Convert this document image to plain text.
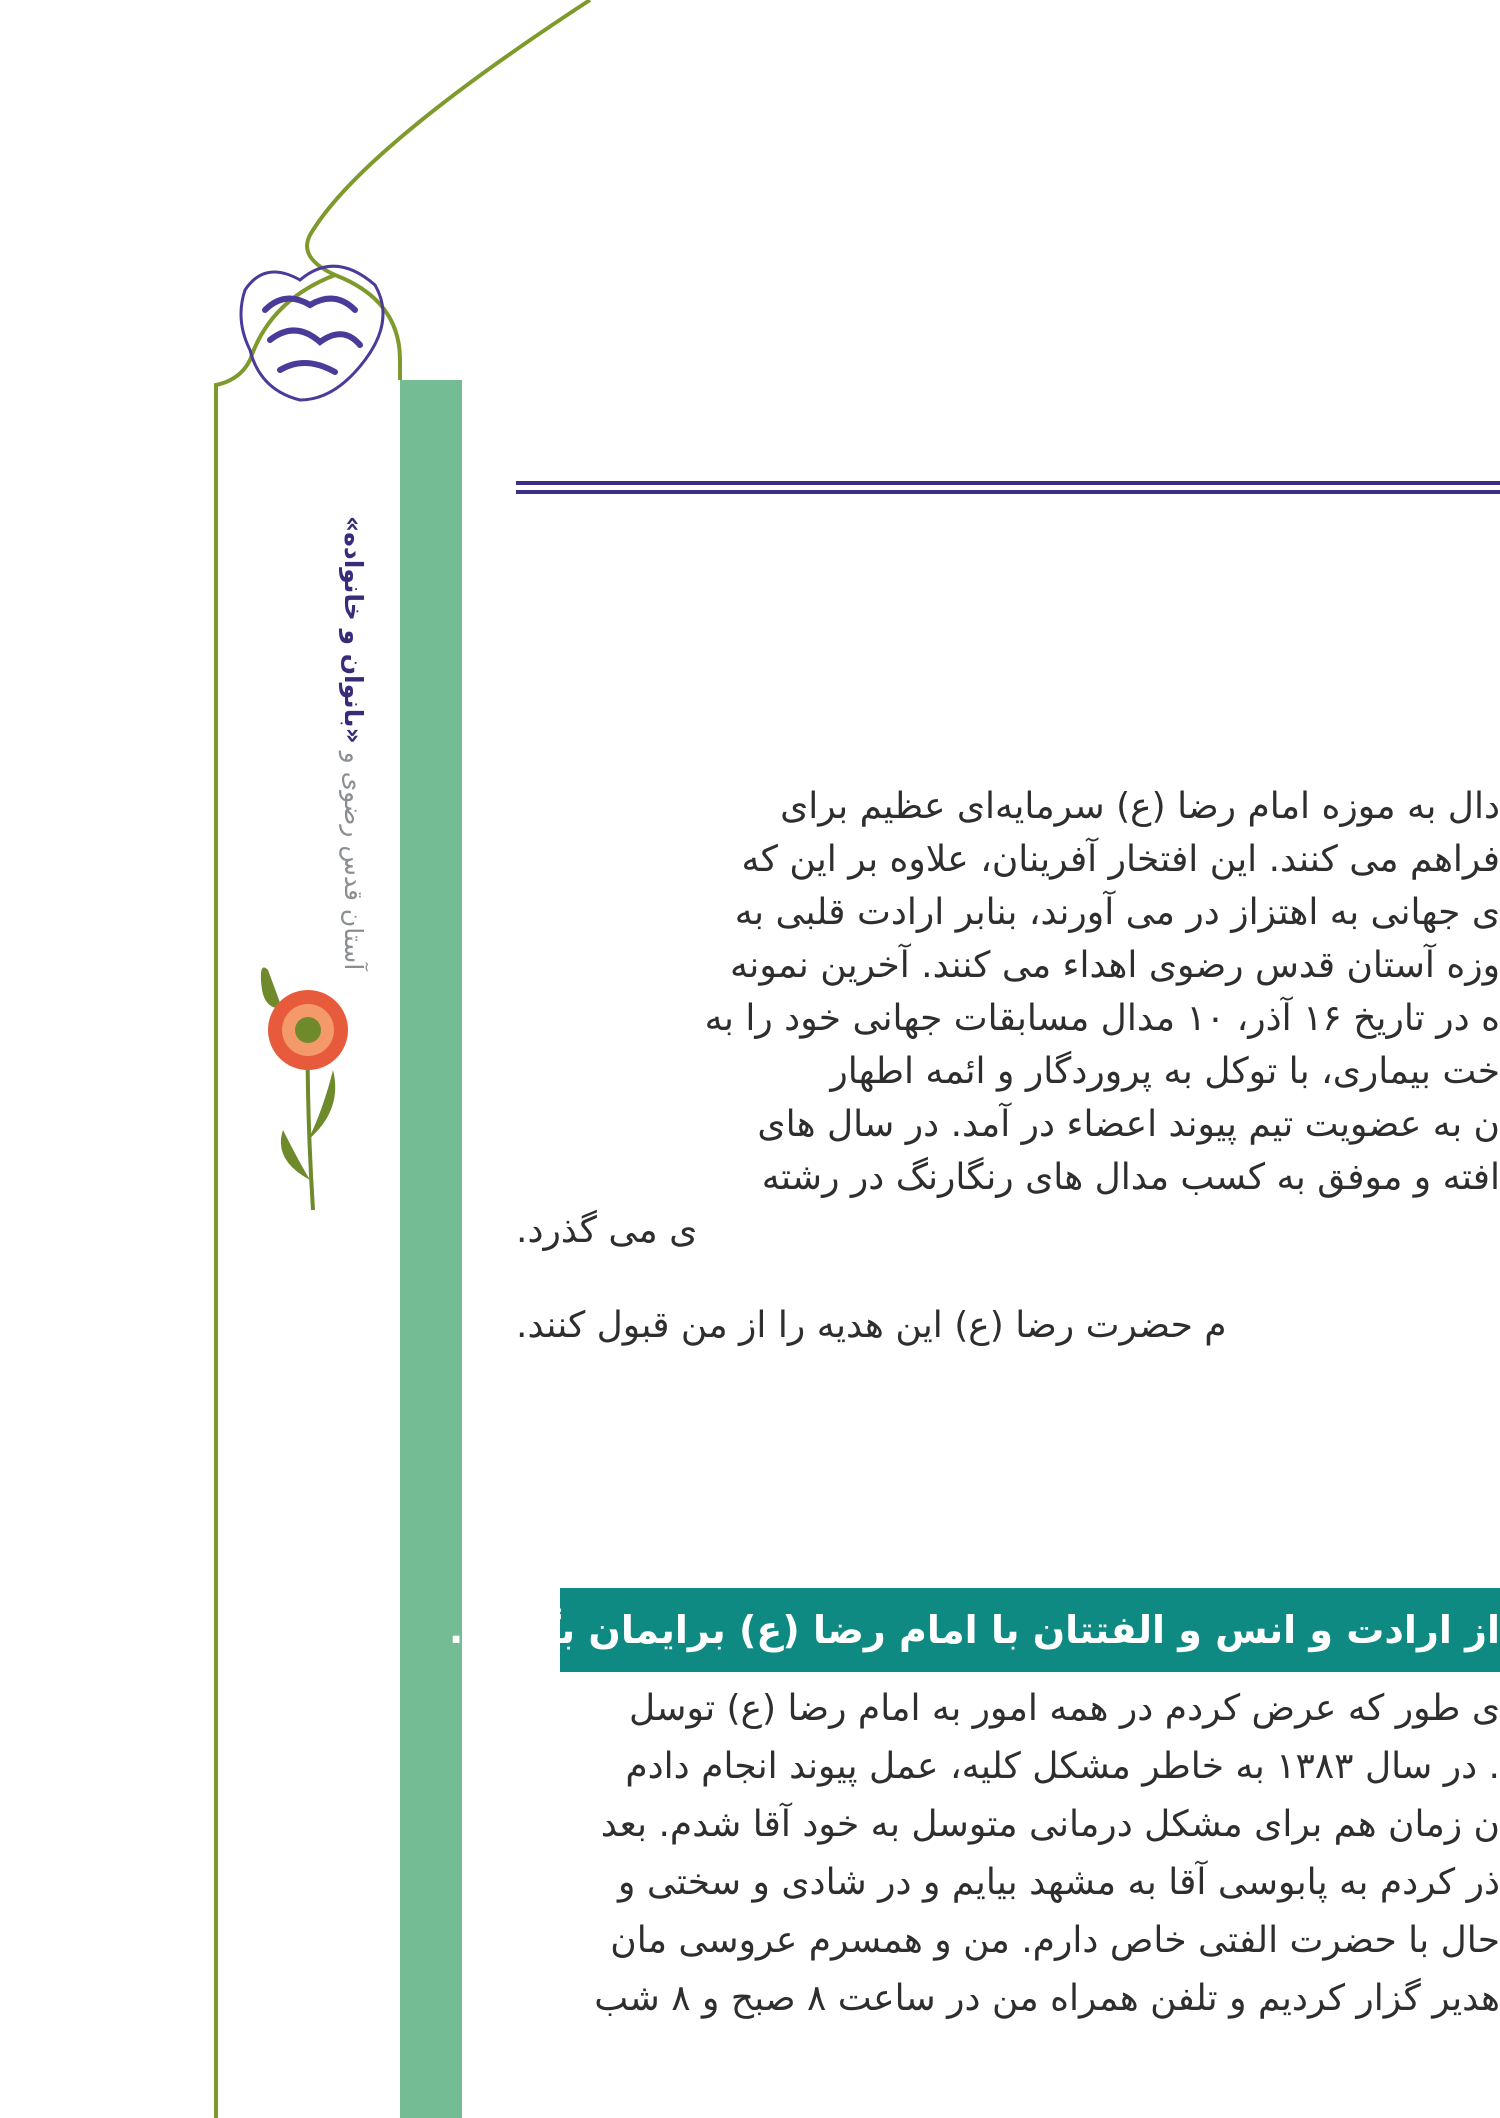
آستان قدس رضوی و «بانوان و خانواده»

دال به موزه امام رضا (ع) سرمایه‌ای عظیم برای

فراهم می کنند. این افتخار آفرینان، علاوه بر این که

ی جهانی به اهتزاز در می آورند، بنابر ارادت قلبی به

وزه آستان قدس رضوی اهداء می کنند. آخرین نمونه

ه در تاریخ ۱۶ آذر، ۱۰ مدال مسابقات جهانی خود را به

خت بیماری، با توکل به پروردگار و ائمه اطهار

ن به عضویت تیم پیوند اعضاء در آمد. در سال های

افته و موفق به کسب مدال های رنگارنگ در رشته

ی می گذرد.

م حضرت رضا (ع) این هدیه را از من قبول کنند.

از ارادت و انس و الفتتان با امام رضا (ع) برایمان بگویید.

ی طور که عرض کردم در همه امور به امام رضا (ع) توسل

. در سال ۱۳۸۳ به خاطر مشکل کلیه، عمل پیوند انجام دادم

ن زمان هم برای مشکل درمانی متوسل به خود آقا شدم. بعد

ذر کردم به پابوسی آقا به مشهد بیایم و در شادی و سختی و

حال با حضرت الفتی خاص دارم. من و همسرم عروسی مان

هدیر گزار کردیم و تلفن همراه من در ساعت ۸ صبح و ۸ شب
